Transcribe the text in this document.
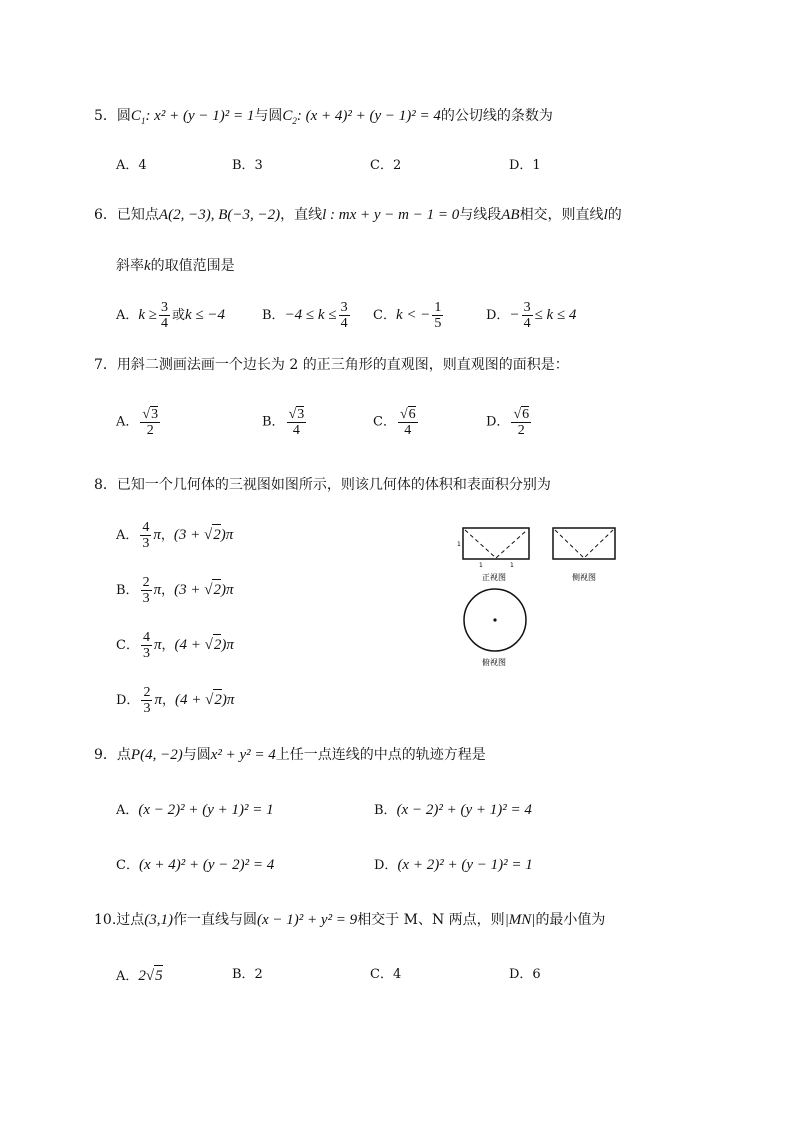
5．圆$C_1$: x² + (y − 1)² = 1与圆$C_2$: (x + 4)² + (y − 1)² = 4的公切线的条数为
A．4	B．3	C．2	D．1
6．已知点A(2, −3), B(−3, −2)，直线l : mx + y − m − 1 = 0与线段AB相交，则直线l的
斜率k的取值范围是
A．$k \ge \frac{3}{4}$ 或k ≤ −4	B．$-4 \le k \le \frac{3}{4}$ C．k < − $\frac{1}{5}$	D．− $\frac{3}{4} \le k \le 4$
7．用斜二测画法画一个边长为 2 的正三角形的直观图，则直观图的面积是：
A． $\frac{√3}{2}$	B． $\frac{√3}{4}$	C． $\frac{√6}{4}$	D． $\frac{√6}{2}$
8．已知一个几何体的三视图如图所示，则该几何体的体积和表面积分别为
A． $\frac{4}{3}$ π，(3 + √2)π
B． $\frac{2}{3}$ π，(3 + √2)π
C． $\frac{4}{3}$ π，(4 + √2)π
D． $\frac{2}{3}$ π，(4 + √2)π
1
1	1
正视图	侧视图
俯视图
9．点P(4, −2)与圆x² + y² = 4上任一点连线的中点的轨迹方程是
A．(x − 2)² + (y + 1)² = 1	B．(x − 2)² + (y + 1)² = 4
C．(x + 4)² + (y − 2)² = 4	D．(x + 2)² + (y − 1)² = 1
10.过点(3,1)作一直线与圆(x − 1)² + y² = 9相交于 M、N 两点，则|MN|的最小值为
A．2√5	B．2	C．4	D．6
